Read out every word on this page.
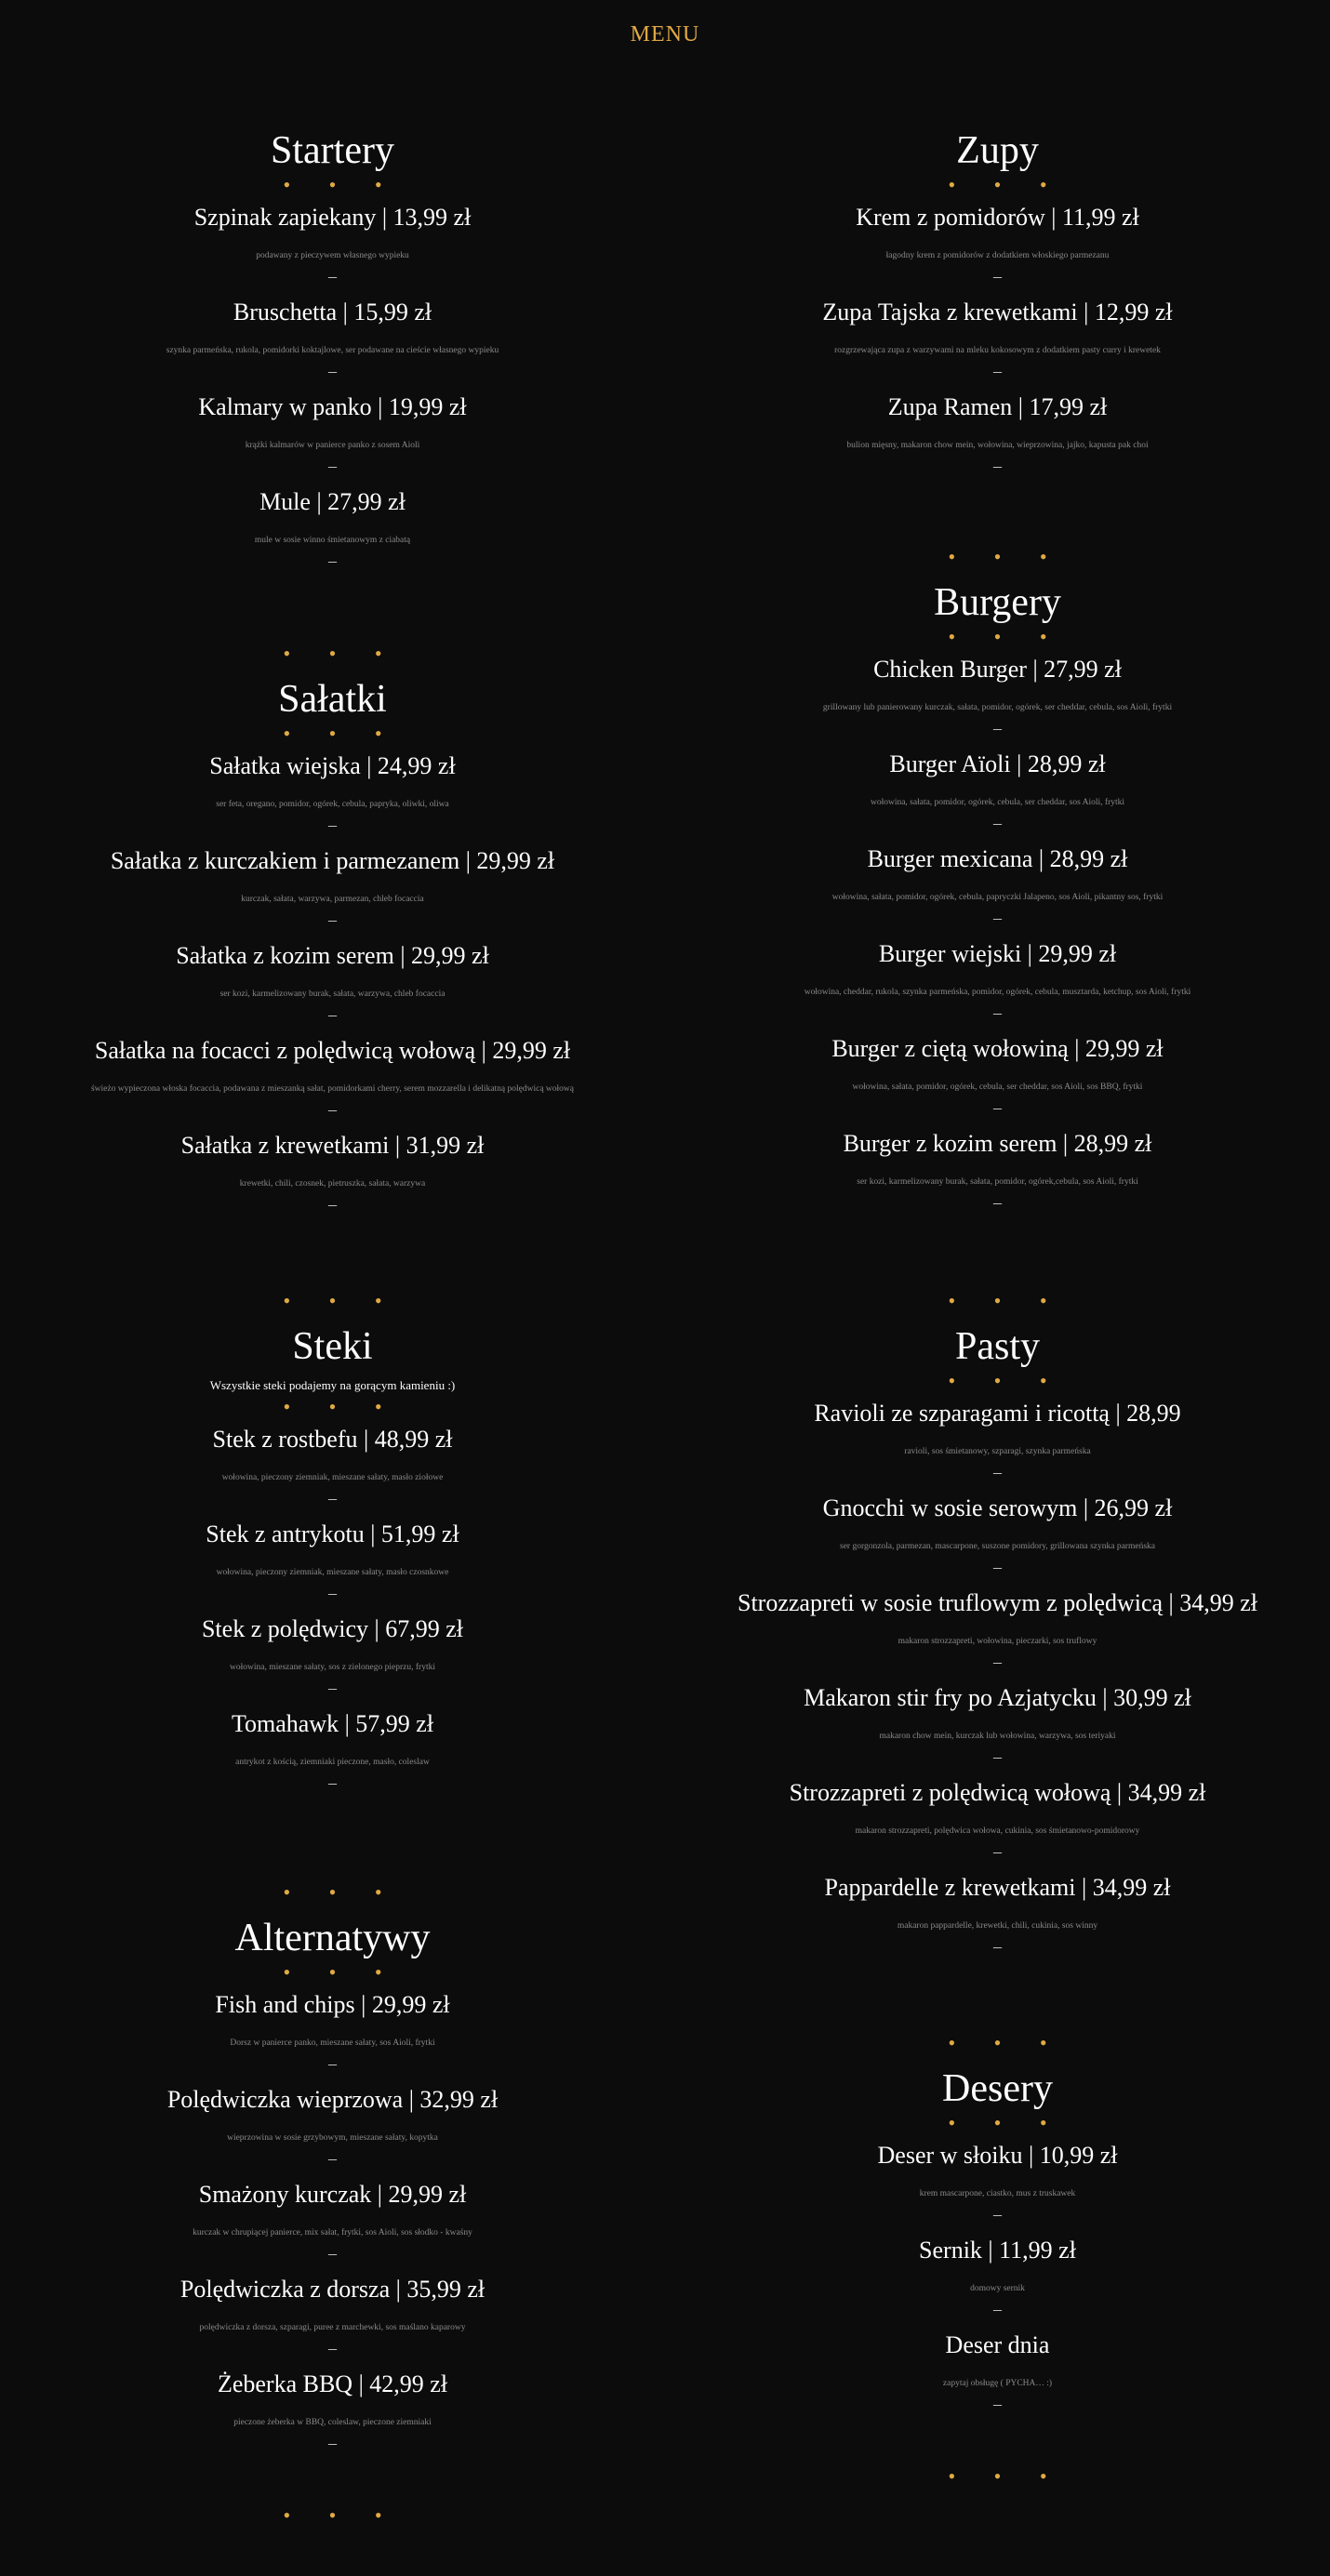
MENU
Startery
• • •
Szpinak zapiekany | 13,99 zł
podawany z pieczywem własnego wypieku
–
Bruschetta | 15,99 zł
szynka parmeńska, rukola, pomidorki koktajlowe, ser podawane na cieście własnego wypieku
–
Kalmary w panko | 19,99 zł
krążki kalmarów w panierce panko z sosem Aioli
–
Mule | 27,99 zł
mule w sosie winno śmietanowym z ciabatą
–
• • •
Sałatki
• • •
Sałatka wiejska | 24,99 zł
ser feta, oregano, pomidor, ogórek, cebula, papryka, oliwki, oliwa
–
Sałatka z kurczakiem i parmezanem | 29,99 zł
kurczak, sałata, warzywa, parmezan, chleb focaccia
–
Sałatka z kozim serem | 29,99 zł
ser kozi, karmelizowany burak, sałata, warzywa, chleb focaccia
–
Sałatka na focacci z polędwicą wołową | 29,99 zł
świeżo wypieczona włoska focaccia, podawana z mieszanką sałat, pomidorkami cherry, serem mozzarella i delikatną polędwicą wołową
–
Sałatka z krewetkami | 31,99 zł
krewetki, chili, czosnek, pietruszka, sałata, warzywa
–
• • •
Steki
Wszystkie steki podajemy na gorącym kamieniu :)
• • •
Stek z rostbefu | 48,99 zł
wołowina, pieczony ziemniak, mieszane sałaty, masło ziołowe
–
Stek z antrykotu | 51,99 zł
wołowina, pieczony ziemniak, mieszane sałaty, masło czosnkowe
–
Stek z polędwicy | 67,99 zł
wołowina, mieszane sałaty, sos z zielonego pieprzu, frytki
–
Tomahawk | 57,99 zł
antrykot z kością, ziemniaki pieczone, masło, coleslaw
–
• • •
Alternatywy
• • •
Fish and chips | 29,99 zł
Dorsz w panierce panko, mieszane sałaty, sos Aioli, frytki
–
Polędwiczka wieprzowa | 32,99 zł
wieprzowina w sosie grzybowym, mieszane sałaty, kopytka
–
Smażony kurczak | 29,99 zł
kurczak w chrupiącej panierce, mix sałat, frytki, sos Aioli, sos słodko - kwaśny
–
Polędwiczka z dorsza | 35,99 zł
polędwiczka z dorsza, szparagi, puree z marchewki, sos maślano kaparowy
–
Żeberka BBQ | 42,99 zł
pieczone żeberka w BBQ, coleslaw, pieczone ziemniaki
–
• • •
Zupy
• • •
Krem z pomidorów | 11,99 zł
łagodny krem z pomidorów z dodatkiem włoskiego parmezanu
–
Zupa Tajska z krewetkami | 12,99 zł
rozgrzewająca zupa z warzywami na mleku kokosowym z dodatkiem pasty curry i krewetek
–
Zupa Ramen | 17,99 zł
bulion mięsny, makaron chow mein, wołowina, wieprzowina, jajko, kapusta pak choi
–
• • •
Burgery
• • •
Chicken Burger | 27,99 zł
grillowany lub panierowany kurczak, sałata, pomidor, ogórek, ser cheddar, cebula, sos Aioli, frytki
–
Burger Aïoli | 28,99 zł
wołowina, sałata, pomidor, ogórek, cebula, ser cheddar, sos Aioli, frytki
–
Burger mexicana | 28,99 zł
wołowina, sałata, pomidor, ogórek, cebula, papryczki Jalapeno, sos Aioli, pikantny sos, frytki
–
Burger wiejski | 29,99 zł
wołowina, cheddar, rukola, szynka parmeńska, pomidor, ogórek, cebula, musztarda, ketchup, sos Aioli, frytki
–
Burger z ciętą wołowiną | 29,99 zł
wołowina, sałata, pomidor, ogórek, cebula, ser cheddar, sos Aioli, sos BBQ, frytki
–
Burger z kozim serem | 28,99 zł
ser kozi, karmelizowany burak, sałata, pomidor, ogórek,cebula, sos Aioli, frytki
–
• • •
Pasty
• • •
Ravioli ze szparagami i ricottą | 28,99
ravioli, sos śmietanowy, szparagi, szynka parmeńska
–
Gnocchi w sosie serowym | 26,99 zł
ser gorgonzola, parmezan, mascarpone, suszone pomidory, grillowana szynka parmeńska
–
Strozzapreti w sosie truflowym z polędwicą | 34,99 zł
makaron strozzapreti, wołowina, pieczarki, sos truflowy
–
Makaron stir fry po Azjatycku | 30,99 zł
makaron chow mein, kurczak lub wołowina, warzywa, sos teriyaki
–
Strozzapreti z polędwicą wołową | 34,99 zł
makaron strozzapreti, polędwica wołowa, cukinia, sos śmietanowo-pomidorowy
–
Pappardelle z krewetkami | 34,99 zł
makaron pappardelle, krewetki, chili, cukinia, sos winny
–
• • •
Desery
• • •
Deser w słoiku | 10,99 zł
krem mascarpone, ciastko, mus z truskawek
–
Sernik | 11,99 zł
domowy sernik
–
Deser dnia
zapytaj obsługę ( PYCHA… :)
–
• • •
